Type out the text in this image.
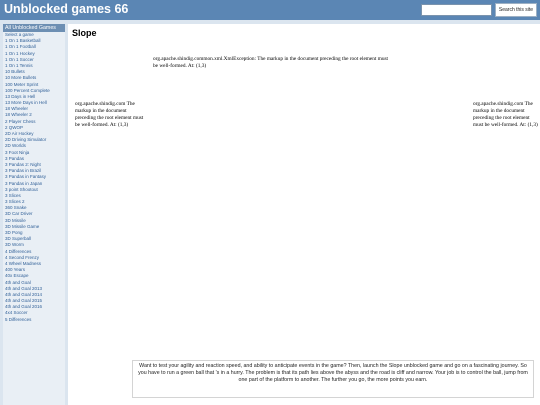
Unblocked games 66	Search this site
All Unblocked Games
Select a game
1 On 1 Basketball
1 On 1 Football
1 On 1 Hockey
1 On 1 Soccer
1 On 1 Tennis
10 Bullets
10 More Bullets
100 Meter Sprint
100 Percent Complete
13 Days in Hell
13 More Days in Hell
18 Wheeler
18 Wheeler 2
2 Player Chess
2 QWOP
2D Air Hockey
2D Driving Simulator
2D Worlds
3 Foot Ninja
3 Pandas
3 Pandas 2: Night
3 Pandas in Brazil
3 Pandas in Fantasy
3 Pandas in Japan
3 point Shootout
3 Slices
3 Slices 2
360 Snake
3D Car Driver
3D Missile
3D Missile Game
3D Pong
3D Superball
3D Worm
4 Differences
4 Second Frenzy
4 Wheel Madness
400 Years
40x Escape
4th and Goal
4th and Goal 2013
4th and Goal 2014
4th and Goal 2015
4th and Goal 2016
4x4 Soccer
5 Differences
Slope
org.apache.shindig.common.xml.XmlException: The markup in the document preceding the root element must be well-formed. At: (1,3)
org.apache.shindig.com The markup in the document preceding the root element must be well-formed. At: (1,3)
org.apache.shindig.com The markup in the document preceding the root element must be well-formed. At: (1,3)
Want to test your agility and reaction speed, and ability to anticipate events in the game? Then, launch the Slope unblocked game and go on a fascinating journey. So you have to run a green ball that 's in a hurry. The problem is that its path lies above the abyss and the road is cliff and narrow. Your job is to control the ball, jump from one part of the platform to another. The further you go, the more points you earn.
